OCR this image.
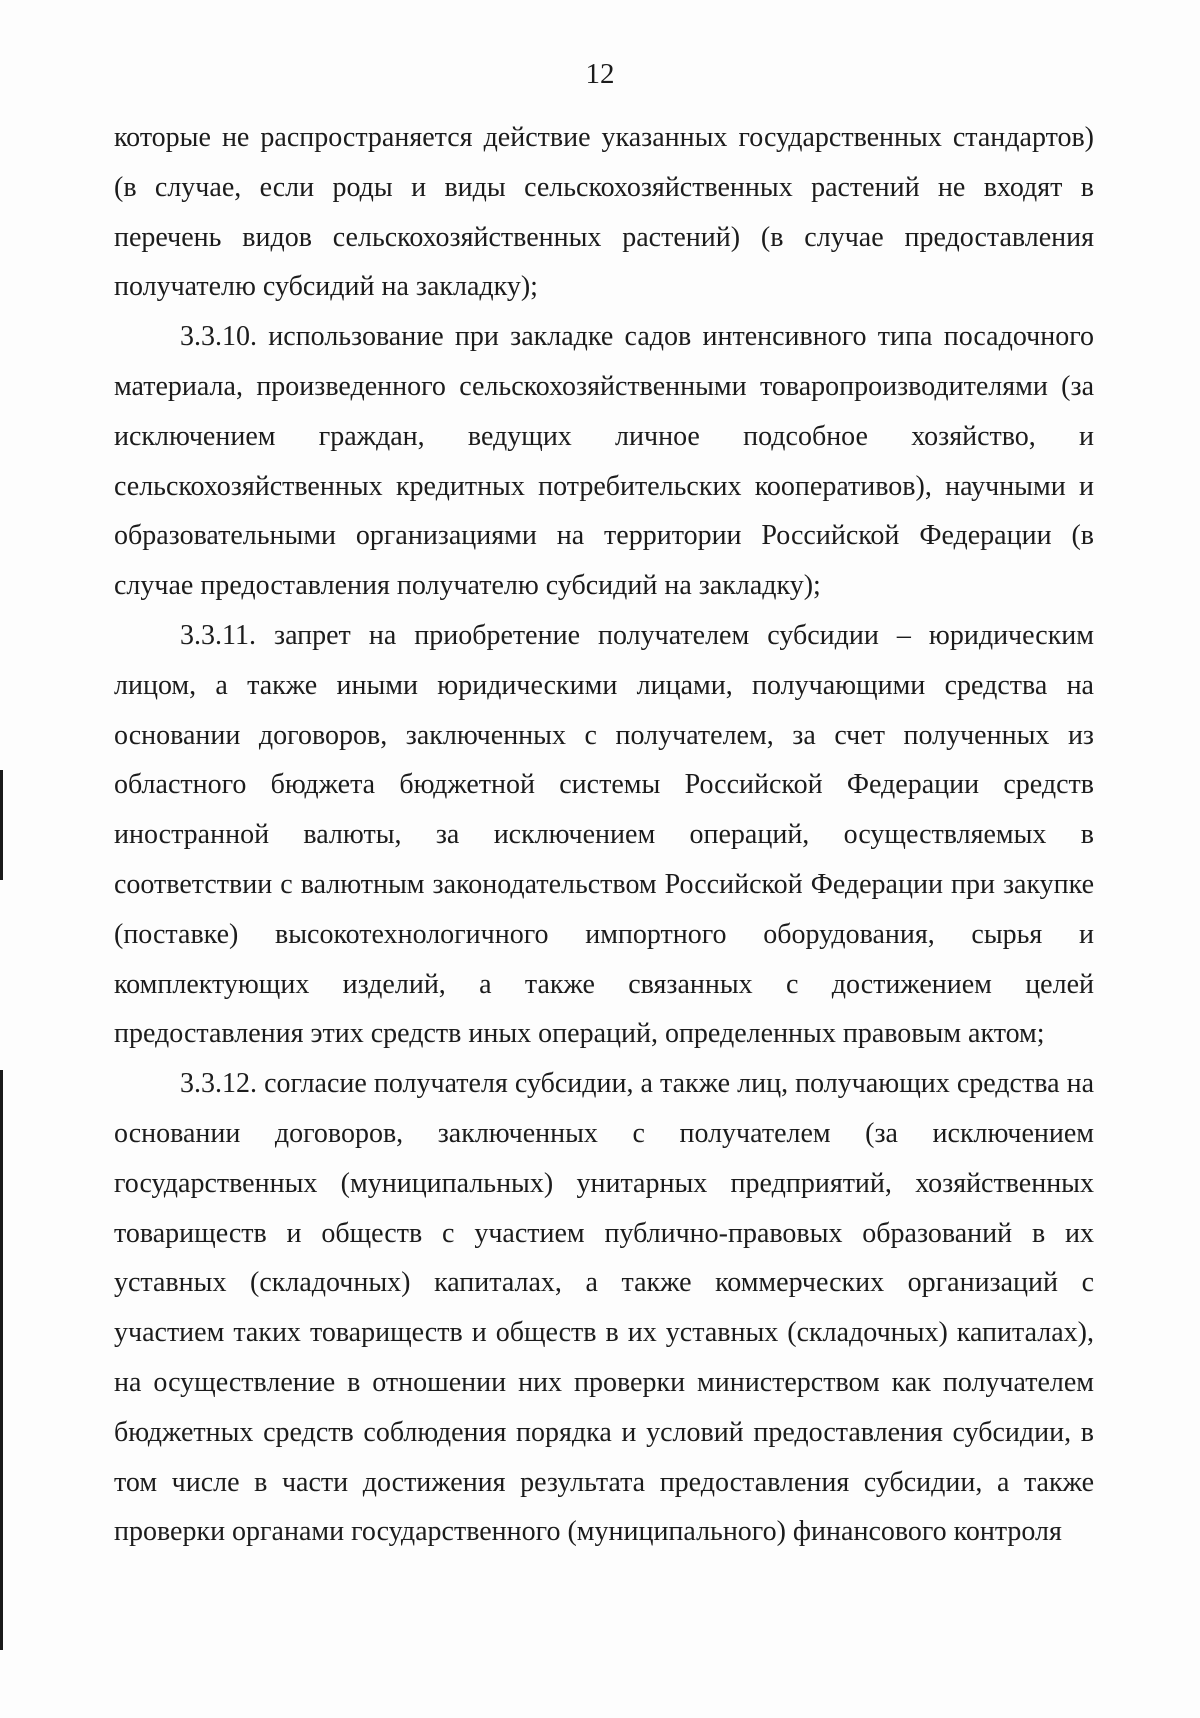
12

которые не распространяется действие указанных государственных стандартов) (в случае, если роды и виды сельскохозяйственных растений не входят в перечень видов сельскохозяйственных растений) (в случае предоставления получателю субсидий на закладку);

3.3.10. использование при закладке садов интенсивного типа посадочного материала, произведенного сельскохозяйственными товаропроизводителями (за исключением граждан, ведущих личное подсобное хозяйство, и сельскохозяйственных кредитных потребительских кооперативов), научными и образовательными организациями на территории Российской Федерации (в случае предоставления получателю субсидий на закладку);

3.3.11. запрет на приобретение получателем субсидии – юридическим лицом, а также иными юридическими лицами, получающими средства на основании договоров, заключенных с получателем, за счет полученных из областного бюджета бюджетной системы Российской Федерации средств иностранной валюты, за исключением операций, осуществляемых в соответствии с валютным законодательством Российской Федерации при закупке (поставке) высокотехнологичного импортного оборудования, сырья и комплектующих изделий, а также связанных с достижением целей предоставления этих средств иных операций, определенных правовым актом;

3.3.12. согласие получателя субсидии, а также лиц, получающих средства на основании договоров, заключенных с получателем (за исключением государственных (муниципальных) унитарных предприятий, хозяйственных товариществ и обществ с участием публично-правовых образований в их уставных (складочных) капиталах, а также коммерческих организаций с участием таких товариществ и обществ в их уставных (складочных) капиталах), на осуществление в отношении них проверки министерством как получателем бюджетных средств соблюдения порядка и условий предоставления субсидии, в том числе в части достижения результата предоставления субсидии, а также проверки органами государственного (муниципального) финансового контроля
